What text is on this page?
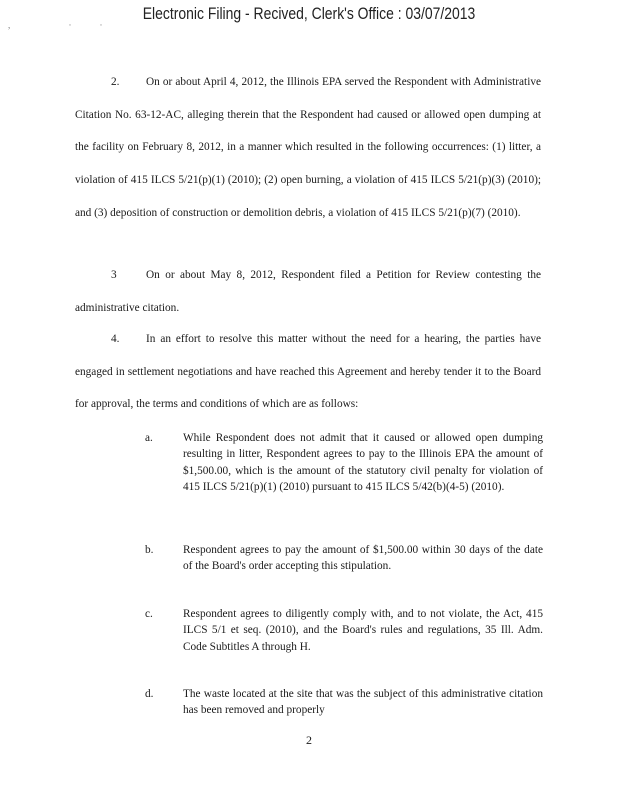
Electronic Filing - Recived, Clerk's Office : 03/07/2013
, ··

2. On or about April 4, 2012, the Illinois EPA served the Respondent with Administrative Citation No. 63-12-AC, alleging therein that the Respondent had caused or allowed open dumping at the facility on February 8, 2012, in a manner which resulted in the following occurrences: (1) litter, a violation of 415 ILCS 5/21(p)(1) (2010); (2) open burning, a violation of 415 ILCS 5/21(p)(3) (2010); and (3) deposition of construction or demolition debris, a violation of 415 ILCS 5/21(p)(7) (2010).

3	On or about May 8, 2012, Respondent filed a Petition for Review contesting the administrative citation.

4. In an effort to resolve this matter without the need for a hearing, the parties have engaged in settlement negotiations and have reached this Agreement and hereby tender it to the Board for approval, the terms and conditions of which are as follows:

a.	While Respondent does not admit that it caused or allowed open dumping resulting in litter, Respondent agrees to pay to the Illinois EPA the amount of $1,500.00, which is the amount of the statutory civil penalty for violation of 415 ILCS 5/21(p)(1) (2010) pursuant to 415 ILCS 5/42(b)(4-5) (2010).

b.	Respondent agrees to pay the amount of $1,500.00 within 30 days of the date of the Board's order accepting this stipulation.

c.	Respondent agrees to diligently comply with, and to not violate, the Act, 415 ILCS 5/1 et seq. (2010), and the Board's rules and regulations, 35 Ill. Adm. Code Subtitles A through H.

d.	The waste located at the site that was the subject of this administrative citation has been removed and properly

2
